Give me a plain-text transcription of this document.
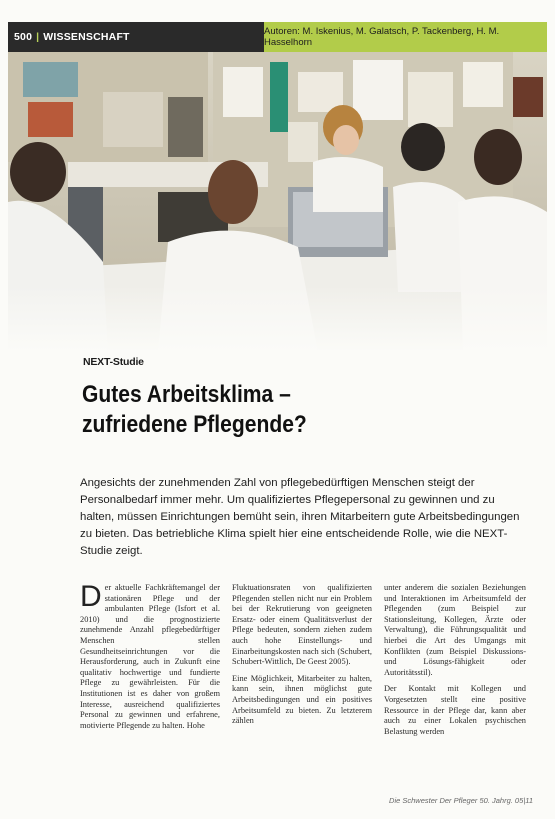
500 | WISSENSCHAFT	Autoren: M. Iskenius, M. Galatsch, P. Tackenberg, H. M. Hasselhorn
NEXT-Studie
Gutes Arbeitsklima –
zufriedene Pflegende?

Angesichts der zunehmenden Zahl von pflegebedürftigen Menschen steigt der Personalbedarf immer mehr. Um qualifiziertes Pflegepersonal zu gewinnen und zu halten, müssen Einrichtungen bemüht sein, ihren Mitarbeitern gute Arbeitsbedingungen zu bieten. Das betriebliche Klima spielt hier eine entscheidende Rolle, wie die NEXT-Studie zeigt.

Der aktuelle Fachkräftemangel der stationären Pflege und der ambulanten Pflege (Isfort et al. 2010) und die prognostizierte zunehmende Anzahl pflegebedürftiger Menschen stellen Gesundheitseinrichtungen vor die Herausforderung, auch in Zukunft eine qualitativ hochwertige und fundierte Pflege zu gewährleisten. Für die Institutionen ist es daher von großem Interesse, ausreichend qualifiziertes Personal zu gewinnen und erfahrene, motivierte Pflegende zu halten. Hohe

Fluktuationsraten von qualifizierten Pflegenden stellen nicht nur ein Problem bei der Rekrutierung von geeigneten Ersatz- oder einem Qualitätsverlust der Pflege bedeuten, sondern ziehen zudem auch hohe Einstellungs- und Einarbeitungskosten nach sich (Schubert, Schubert-Wittlich, De Geest 2005).

Eine Möglichkeit, Mitarbeiter zu halten, kann sein, ihnen möglichst gute Arbeitsbedingungen und ein positives Arbeitsumfeld zu bieten. Zu letzterem zählen

unter anderem die sozialen Beziehungen und Interaktionen im Arbeitsumfeld der Pflegenden (zum Beispiel zur Stationsleitung, Kollegen, Ärzte oder Verwaltung), die Führungsqualität und hierbei die Art des Umgangs mit Konflikten (zum Beispiel Diskussions- und Lösungs-fähigkeit oder Autoritätsstil).

Der Kontakt mit Kollegen und Vorgesetzten stellt eine positive Ressource in der Pflege dar, kann aber auch zu einer Lokalen psychischen Belastung werden

Die Schwester Der Pfleger 50. Jahrg. 05|11
